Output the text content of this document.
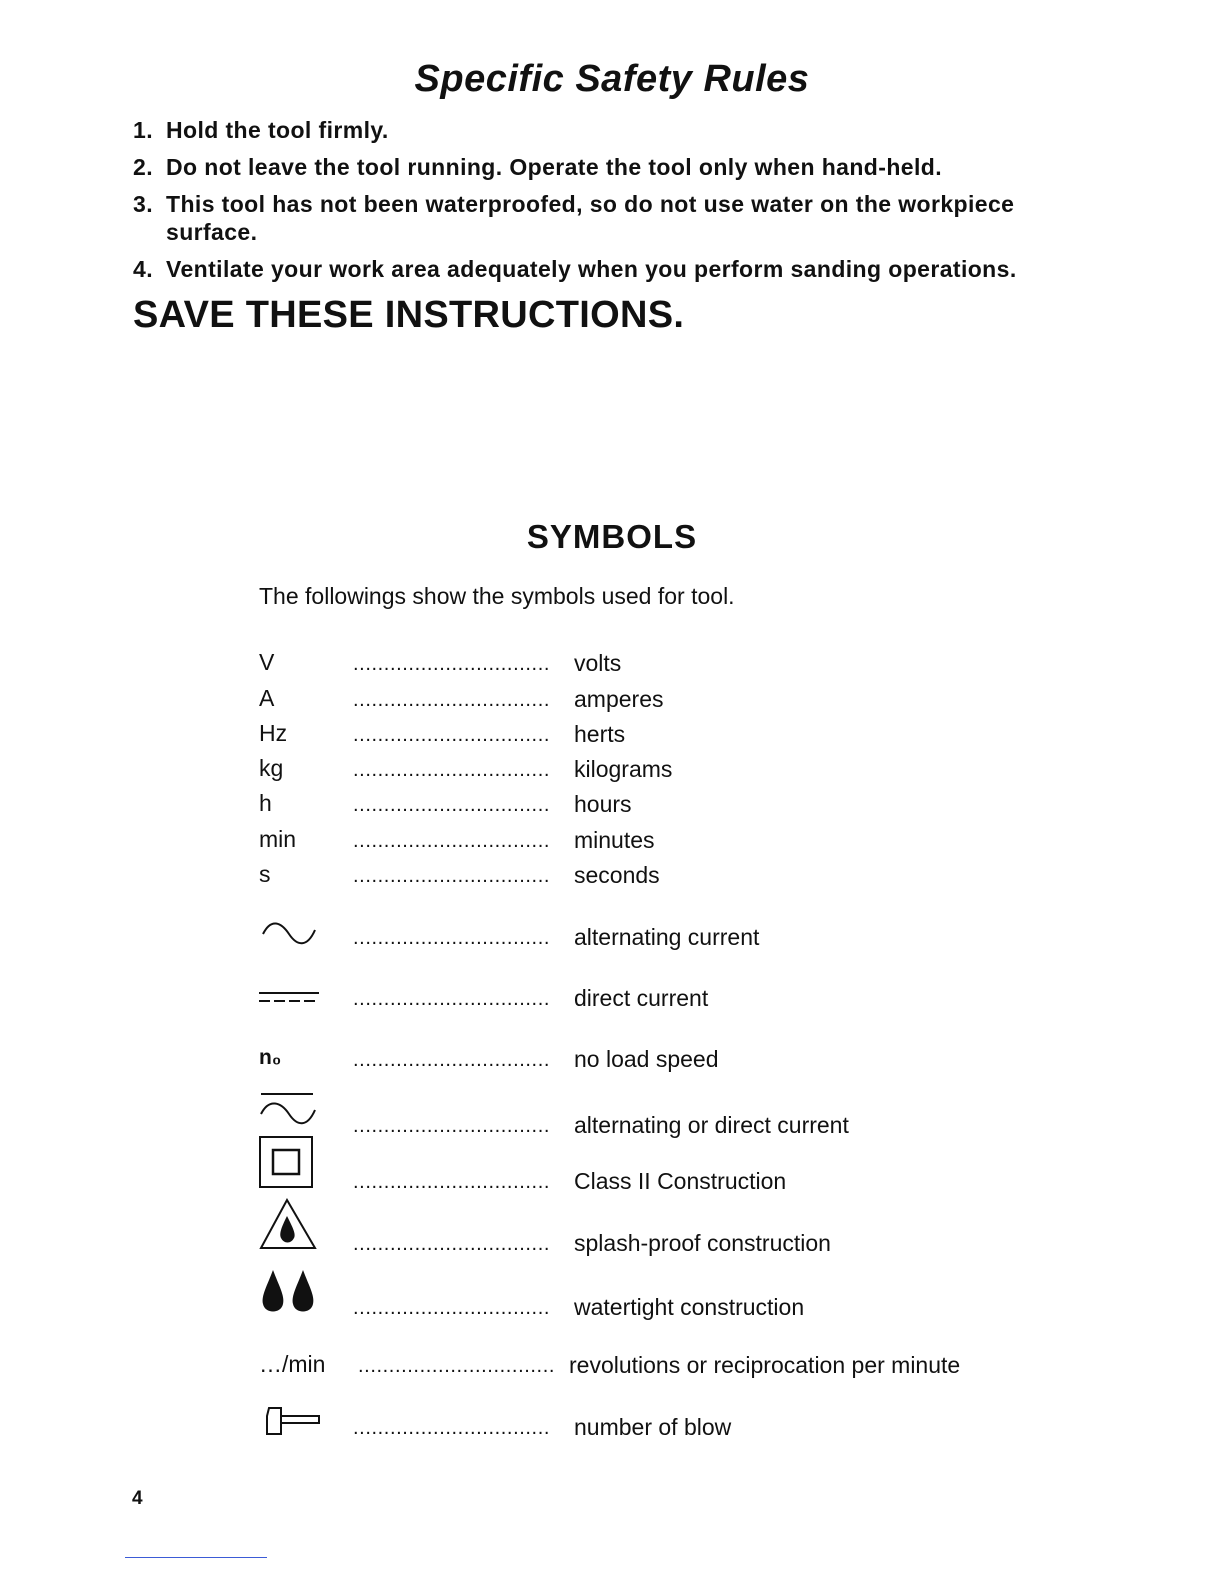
Specific Safety Rules
1. Hold the tool firmly.
2. Do not leave the tool running. Operate the tool only when hand-held.
3. This tool has not been waterproofed, so do not use water on the workpiece surface.
4. Ventilate your work area adequately when you perform sanding operations.
SAVE THESE INSTRUCTIONS.
SYMBOLS

The followings show the symbols used for tool.

V	................................ volts
A	................................ amperes
Hz	................................ herts
kg	................................ kilograms
h	................................ hours
min	................................ minutes
s	................................ seconds
................................ alternating current
................................ direct current
n₀	................................ no load speed
................................ alternating or direct current
................................ Class II Construction
................................ splash-proof construction
................................ watertight construction
…/min ................................ revolutions or reciprocation per minute
................................ number of blow

4
